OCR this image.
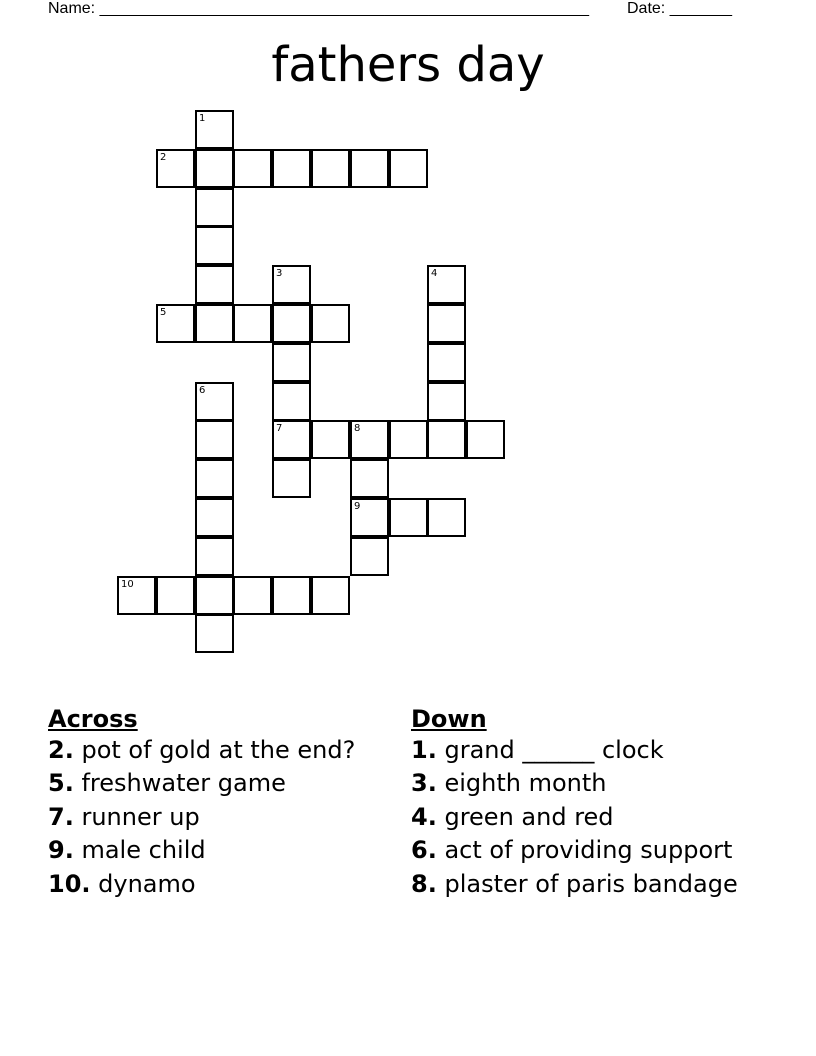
Name: _______________________________________________________ Date: _______
fathers day
1
2
3	4
5
6
7	8
9
10
Across
2. pot of gold at the end?
5. freshwater game
7. runner up
9. male child
10. dynamo
Down
1. grand ______ clock
3. eighth month
4. green and red
6. act of providing support
8. plaster of paris bandage
